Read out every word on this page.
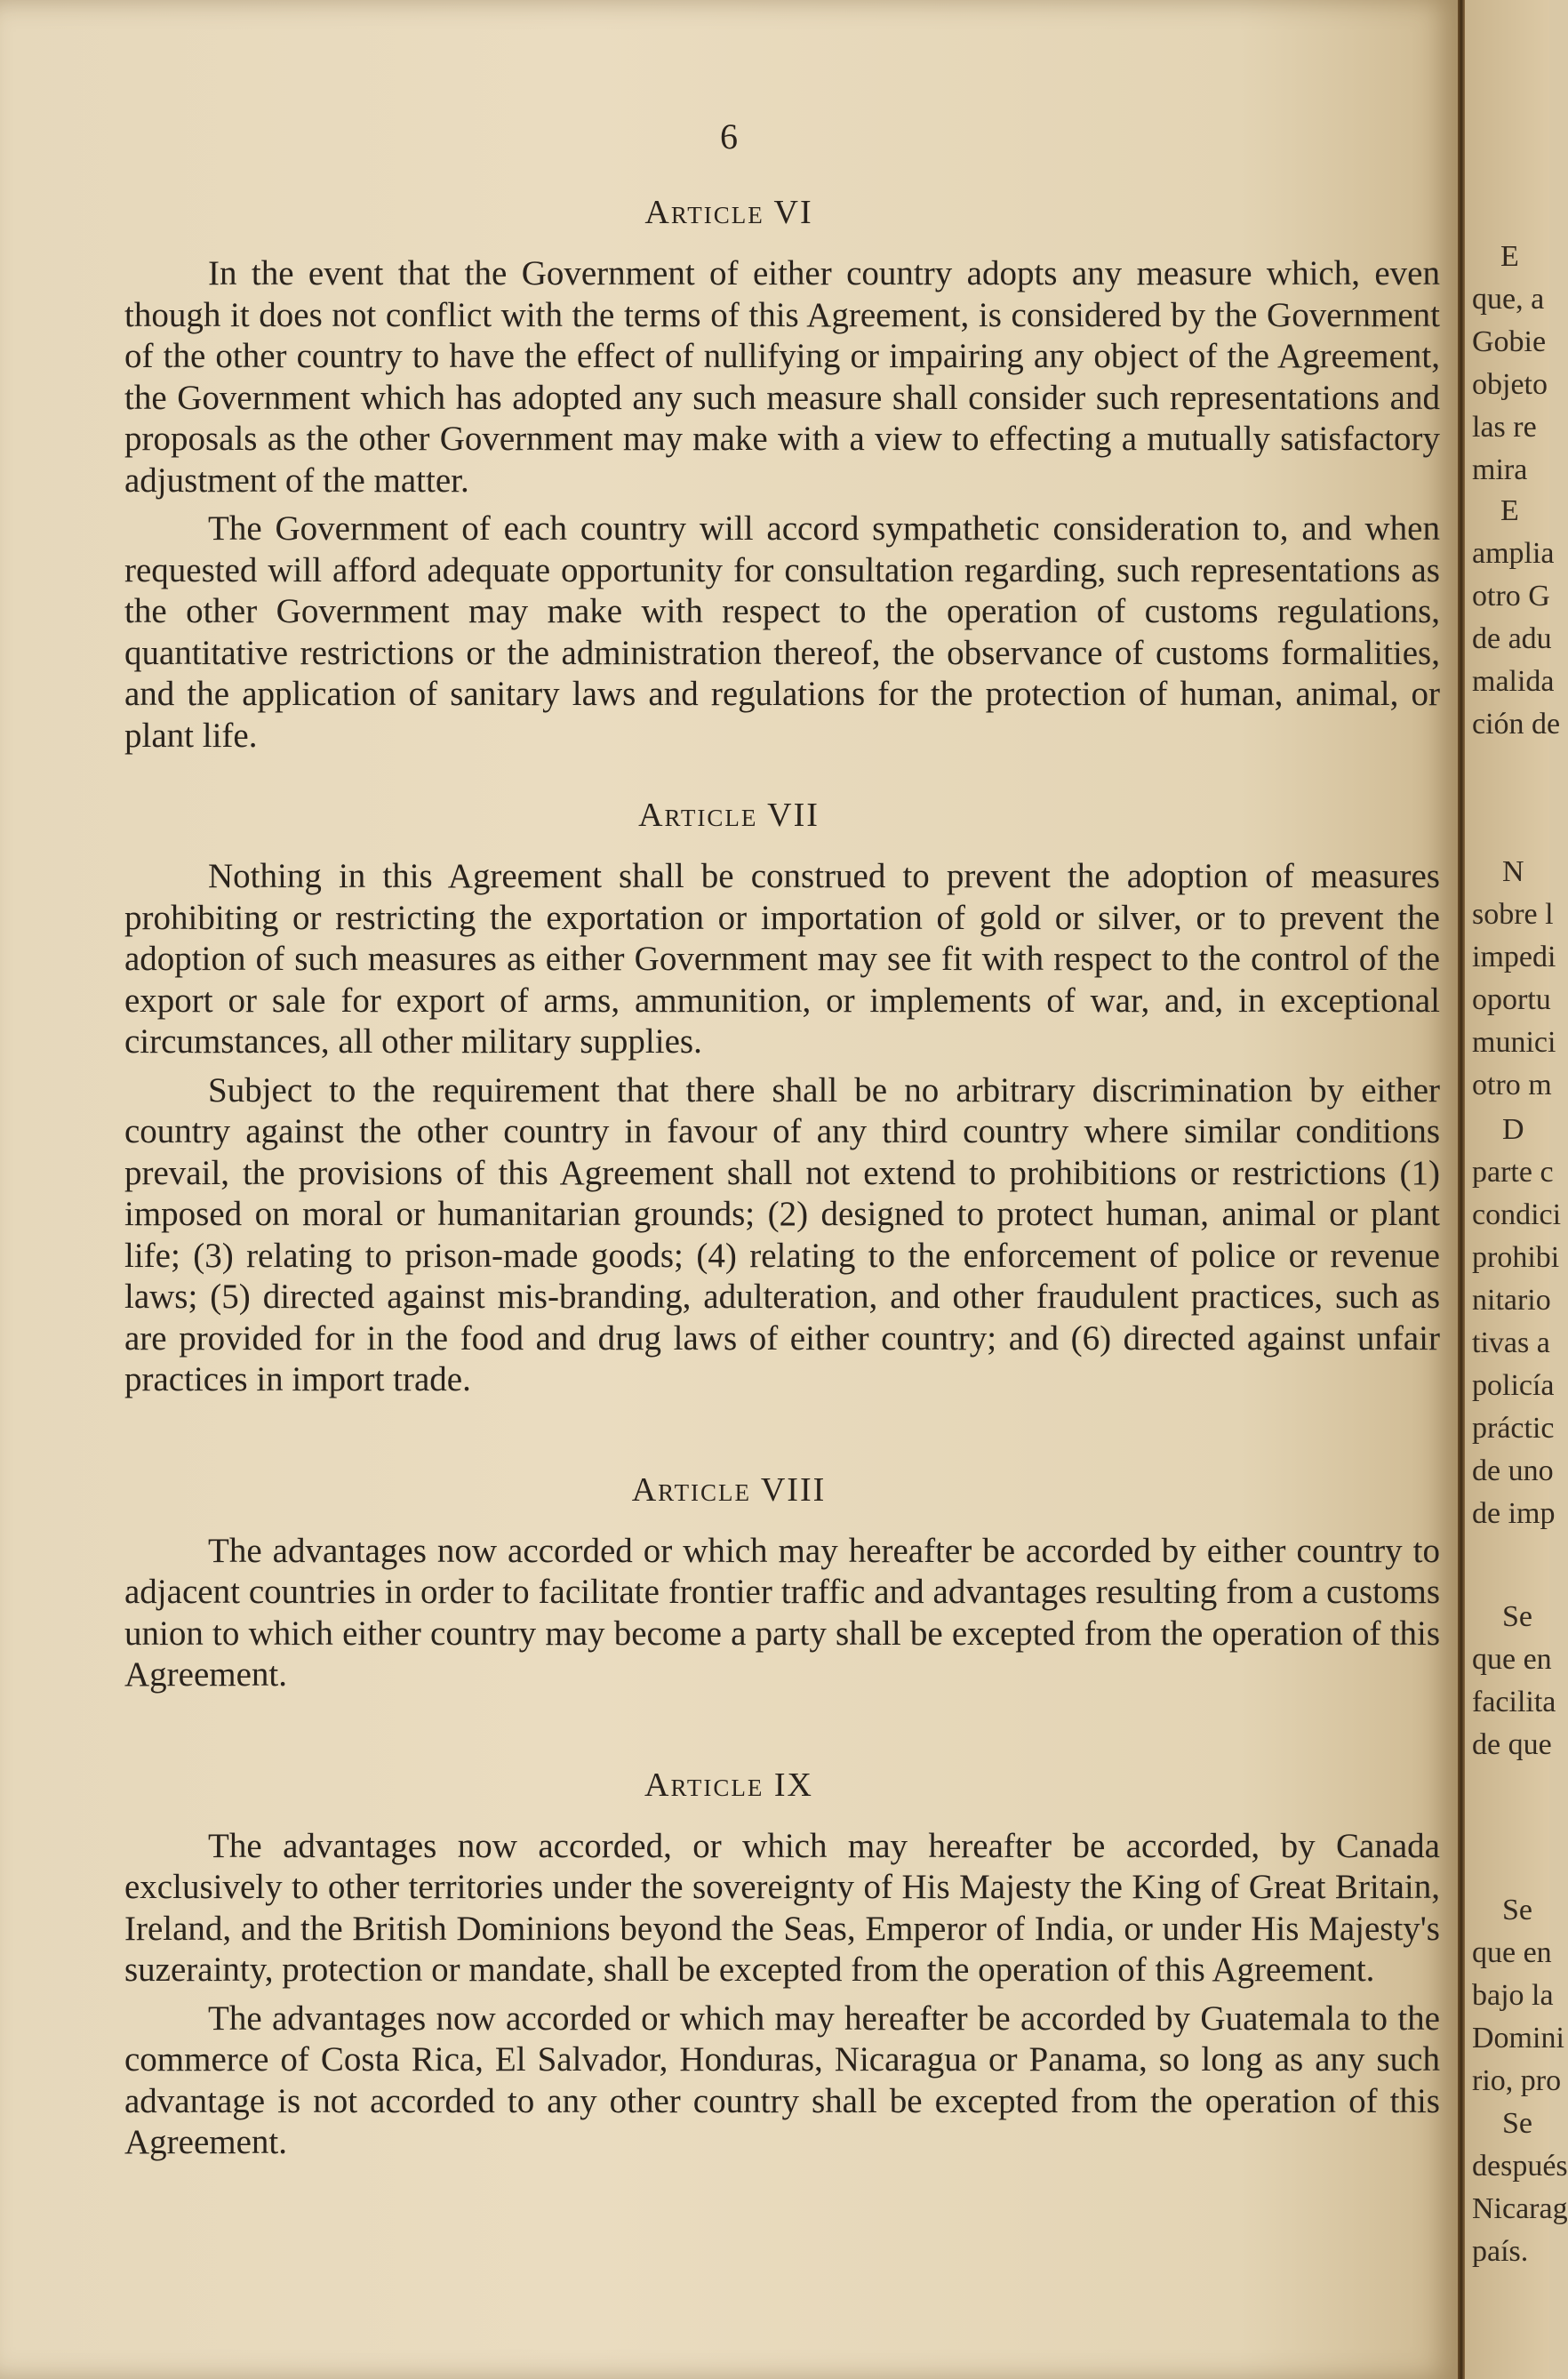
6
Article VI

In the event that the Government of either country adopts any measure which, even though it does not conflict with the terms of this Agreement, is considered by the Government of the other country to have the effect of nullifying or impairing any object of the Agreement, the Government which has adopted any such measure shall consider such representations and proposals as the other Government may make with a view to effecting a mutually satisfactory adjustment of the matter.

The Government of each country will accord sympathetic consideration to, and when requested will afford adequate opportunity for consultation regarding, such representations as the other Government may make with respect to the operation of customs regulations, quantitative restrictions or the administration thereof, the observance of customs formalities, and the application of sanitary laws and regulations for the protection of human, animal, or plant life.

Article VII

Nothing in this Agreement shall be construed to prevent the adoption of measures prohibiting or restricting the exportation or importation of gold or silver, or to prevent the adoption of such measures as either Government may see fit with respect to the control of the export or sale for export of arms, ammunition, or implements of war, and, in exceptional circumstances, all other military supplies.

Subject to the requirement that there shall be no arbitrary discrimination by either country against the other country in favour of any third country where similar conditions prevail, the provisions of this Agreement shall not extend to prohibitions or restrictions (1) imposed on moral or humanitarian grounds; (2) designed to protect human, animal or plant life; (3) relating to prison-made goods; (4) relating to the enforcement of police or revenue laws; (5) directed against mis-branding, adulteration, and other fraudulent practices, such as are provided for in the food and drug laws of either country; and (6) directed against unfair practices in import trade.

Article VIII

The advantages now accorded or which may hereafter be accorded by either country to adjacent countries in order to facilitate frontier traffic and advantages resulting from a customs union to which either country may become a party shall be excepted from the operation of this Agreement.

Article IX

The advantages now accorded, or which may hereafter be accorded, by Canada exclusively to other territories under the sovereignty of His Majesty the King of Great Britain, Ireland, and the British Dominions beyond the Seas, Emperor of India, or under His Majesty's suzerainty, protection or mandate, shall be excepted from the operation of this Agreement.

The advantages now accorded or which may hereafter be accorded by Guatemala to the commerce of Costa Rica, El Salvador, Honduras, Nicaragua or Panama, so long as any such advantage is not accorded to any other country shall be excepted from the operation of this Agreement.

E
que, a
Gobie
objeto
las re
mira
E
amplia
otro G
de adu
malida
ción de
N
sobre l
impedi
oportu
munici
otro m
D
parte c
condici
prohibi
nitario
tivas a
policía
práctic
de uno
de imp
Se
que en
facilita
de que
Se
que en
bajo la
Domini
rio, pro
Se
después
Nicarag
país.
